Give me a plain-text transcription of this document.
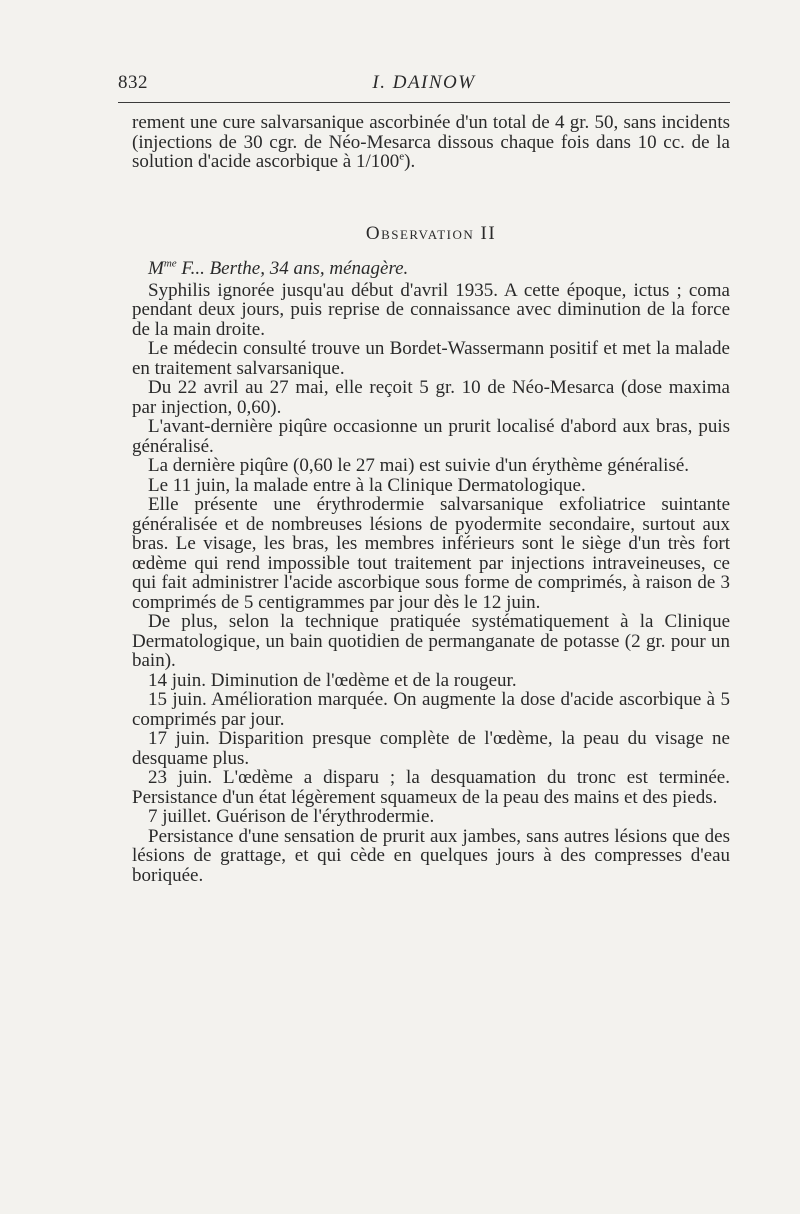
832	I. DAINOW

rement une cure salvarsanique ascorbinée d'un total de 4 gr. 50, sans incidents (injections de 30 cgr. de Néo-Mesarca dissous chaque fois dans 10 cc. de la solution d'acide ascorbique à 1/100e).

Observation II

$M^{me}$ F... Berthe, 34 ans, ménagère.

Syphilis ignorée jusqu'au début d'avril 1935. A cette époque, ictus ; coma pendant deux jours, puis reprise de connaissance avec diminution de la force de la main droite.

Le médecin consulté trouve un Bordet-Wassermann positif et met la malade en traitement salvarsanique.

Du 22 avril au 27 mai, elle reçoit 5 gr. 10 de Néo-Mesarca (dose maxima par injection, 0,60).

L'avant-dernière piqûre occasionne un prurit localisé d'abord aux bras, puis généralisé.

La dernière piqûre (0,60 le 27 mai) est suivie d'un érythème généralisé.

Le 11 juin, la malade entre à la Clinique Dermatologique.

Elle présente une érythrodermie salvarsanique exfoliatrice suintante généralisée et de nombreuses lésions de pyodermite secondaire, surtout aux bras. Le visage, les bras, les membres inférieurs sont le siège d'un très fort œdème qui rend impossible tout traitement par injections intraveineuses, ce qui fait administrer l'acide ascorbique sous forme de comprimés, à raison de 3 comprimés de 5 centigrammes par jour dès le 12 juin.

De plus, selon la technique pratiquée systématiquement à la Clinique Dermatologique, un bain quotidien de permanganate de potasse (2 gr. pour un bain).

14 juin. Diminution de l'œdème et de la rougeur.

15 juin. Amélioration marquée. On augmente la dose d'acide ascorbique à 5 comprimés par jour.

17 juin. Disparition presque complète de l'œdème, la peau du visage ne desquame plus.

23 juin. L'œdème a disparu ; la desquamation du tronc est terminée. Persistance d'un état légèrement squameux de la peau des mains et des pieds.

7 juillet. Guérison de l'érythrodermie.

Persistance d'une sensation de prurit aux jambes, sans autres lésions que des lésions de grattage, et qui cède en quelques jours à des compresses d'eau boriquée.
